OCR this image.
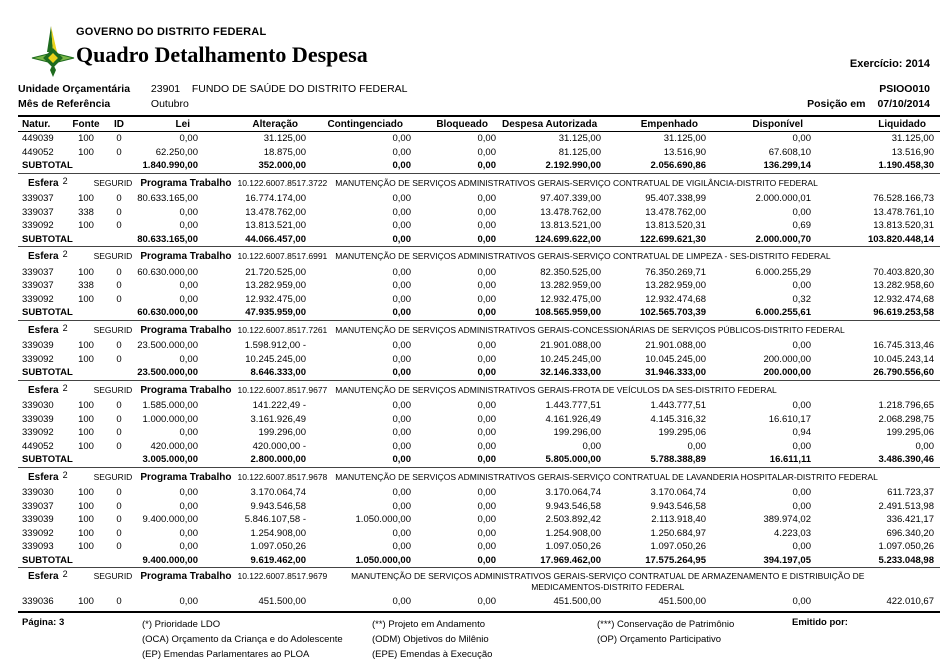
GOVERNO DO DISTRITO FEDERAL
Quadro Detalhamento Despesa	Exercício: 2014
Unidade Orçamentária 23901 FUNDO DE SAÚDE DO DISTRITO FEDERAL	PSIOO010
Mês de Referência	Outubro	Posição em 07/10/2014
Natur.	Fonte	ID	Lei	Alteração	Contingenciado	Bloqueado	Despesa Autorizada	Empenhado	Disponível	Liquidado
449039	100	0	0,00	31.125,00	0,00	0,00	31.125,00	31.125,00	0,00	31.125,00
449052	100	0	62.250,00	18.875,00	0,00	0,00	81.125,00	13.516,90	67.608,10	13.516,90
SUBTOTAL			1.840.990,00	352.000,00	0,00	0,00	2.192.990,00	2.056.690,86	136.299,14	1.190.458,30
Esfera 2 SEGURID Programa Trabalho 10.122.6007.8517.3722 MANUTENÇÃO DE SERVIÇOS ADMINISTRATIVOS GERAIS-SERVIÇO CONTRATUAL DE VIGILÂNCIA-DISTRITO FEDERAL										
339037	100	0	80.633.165,00	16.774.174,00	0,00	0,00	97.407.339,00	95.407.338,99	2.000.000,01	76.528.166,73
339037	338	0	0,00	13.478.762,00	0,00	0,00	13.478.762,00	13.478.762,00	0,00	13.478.761,10
339092	100	0	0,00	13.813.521,00	0,00	0,00	13.813.521,00	13.813.520,31	0,69	13.813.520,31
SUBTOTAL			80.633.165,00	44.066.457,00	0,00	0,00	124.699.622,00	122.699.621,30	2.000.000,70	103.820.448,14
Esfera 2 SEGURID Programa Trabalho 10.122.6007.8517.6991 MANUTENÇÃO DE SERVIÇOS ADMINISTRATIVOS GERAIS-SERVIÇO CONTRATUAL DE LIMPEZA - SES-DISTRITO FEDERAL										
339037	100	0	60.630.000,00	21.720.525,00	0,00	0,00	82.350.525,00	76.350.269,71	6.000.255,29	70.403.820,30
339037	338	0	0,00	13.282.959,00	0,00	0,00	13.282.959,00	13.282.959,00	0,00	13.282.958,60
339092	100	0	0,00	12.932.475,00	0,00	0,00	12.932.475,00	12.932.474,68	0,32	12.932.474,68
SUBTOTAL			60.630.000,00	47.935.959,00	0,00	0,00	108.565.959,00	102.565.703,39	6.000.255,61	96.619.253,58
Esfera 2 SEGURID Programa Trabalho 10.122.6007.8517.7261 MANUTENÇÃO DE SERVIÇOS ADMINISTRATIVOS GERAIS-CONCESSIONÁRIAS DE SERVIÇOS PÚBLICOS-DISTRITO FEDERAL										
339039	100	0	23.500.000,00	1.598.912,00 -	0,00	0,00	21.901.088,00	21.901.088,00	0,00	16.745.313,46
339092	100	0	0,00	10.245.245,00	0,00	0,00	10.245.245,00	10.045.245,00	200.000,00	10.045.243,14
SUBTOTAL			23.500.000,00	8.646.333,00	0,00	0,00	32.146.333,00	31.946.333,00	200.000,00	26.790.556,60
Esfera 2 SEGURID Programa Trabalho 10.122.6007.8517.9677 MANUTENÇÃO DE SERVIÇOS ADMINISTRATIVOS GERAIS-FROTA DE VEÍCULOS DA SES-DISTRITO FEDERAL										
339030	100	0	1.585.000,00	141.222,49 -	0,00	0,00	1.443.777,51	1.443.777,51	0,00	1.218.796,65
339039	100	0	1.000.000,00	3.161.926,49	0,00	0,00	4.161.926,49	4.145.316,32	16.610,17	2.068.298,75
339092	100	0	0,00	199.296,00	0,00	0,00	199.296,00	199.295,06	0,94	199.295,06
449052	100	0	420.000,00	420.000,00 -	0,00	0,00	0,00	0,00	0,00	0,00
SUBTOTAL			3.005.000,00	2.800.000,00	0,00	0,00	5.805.000,00	5.788.388,89	16.611,11	3.486.390,46
Esfera 2 SEGURID Programa Trabalho 10.122.6007.8517.9678 MANUTENÇÃO DE SERVIÇOS ADMINISTRATIVOS GERAIS-SERVIÇO CONTRATUAL DE LAVANDERIA HOSPITALAR-DISTRITO FEDERAL										
339030	100	0	0,00	3.170.064,74	0,00	0,00	3.170.064,74	3.170.064,74	0,00	611.723,37
339037	100	0	0,00	9.943.546,58	0,00	0,00	9.943.546,58	9.943.546,58	0,00	2.491.513,98
339039	100	0	9.400.000,00	5.846.107,58 -	1.050.000,00	0,00	2.503.892,42	2.113.918,40	389.974,02	336.421,17
339092	100	0	0,00	1.254.908,00	0,00	0,00	1.254.908,00	1.250.684,97	4.223,03	696.340,20
339093	100	0	0,00	1.097.050,26	0,00	0,00	1.097.050,26	1.097.050,26	0,00	1.097.050,26
SUBTOTAL			9.400.000,00	9.619.462,00	1.050.000,00	0,00	17.969.462,00	17.575.264,95	394.197,05	5.233.048,98
Esfera 2 SEGURID Programa Trabalho 10.122.6007.8517.9679 MANUTENÇÃO DE SERVIÇOS ADMINISTRATIVOS GERAIS-SERVIÇO CONTRATUAL DE ARMAZENAMENTO E DISTRIBUIÇÃO DE MEDICAMENTOS-DISTRITO FEDERAL										
339036	100	0	0,00	451.500,00	0,00	0,00	451.500,00	451.500,00	0,00	422.010,67
Página: 3	(*) Prioridade LDO
(OCA) Orçamento da Criança e do Adolescente
(EP) Emendas Parlamentares ao PLOA
(**) Projeto em Andamento
(ODM) Objetivos do Milênio
(EPE) Emendas à Execução
(***) Conservação de Patrimônio
(OP) Orçamento Participativo
Emitido por:
